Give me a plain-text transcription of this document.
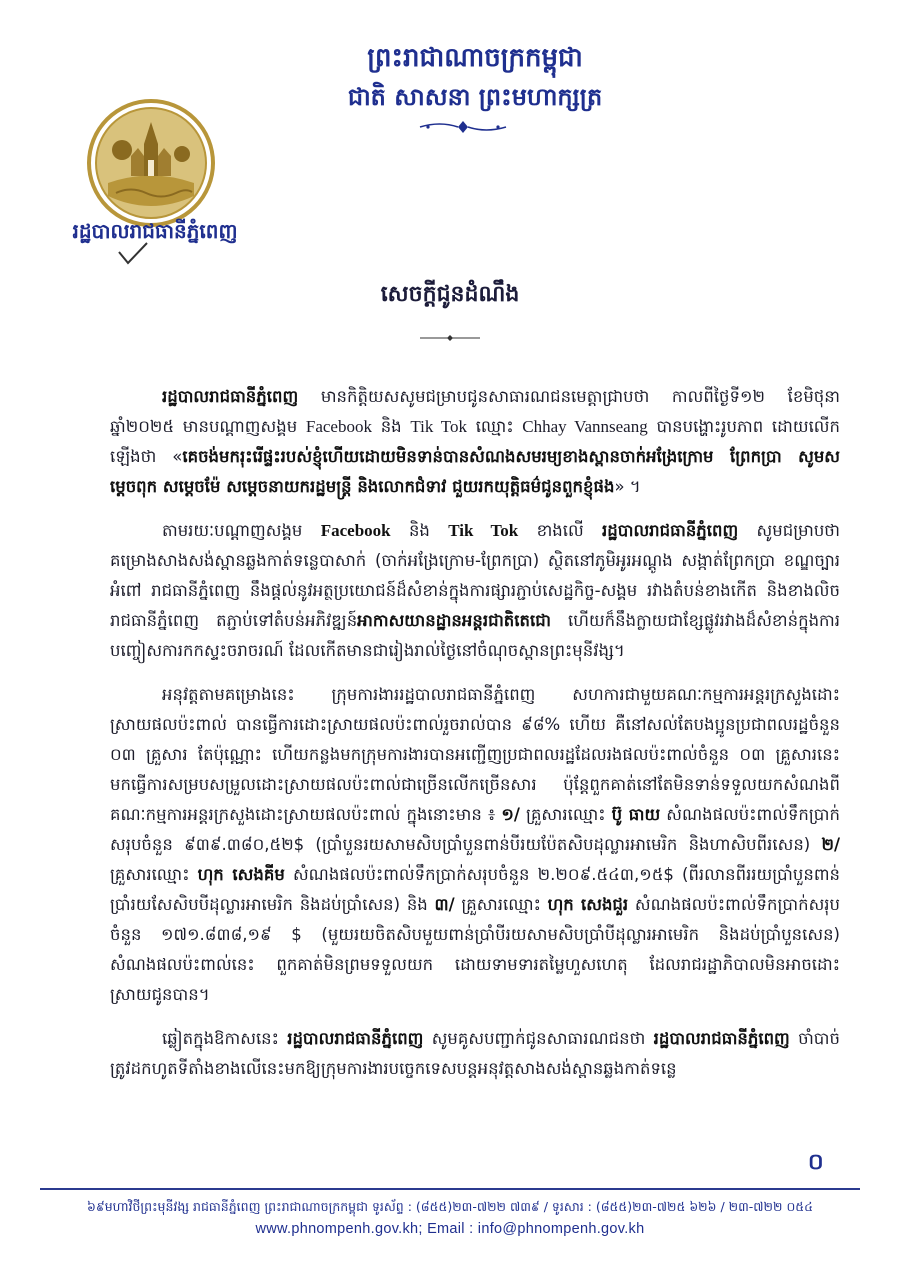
ព្រះរាជាណាចក្រកម្ពុជា
ជាតិ សាសនា ព្រះមហាក្សត្រ
រដ្ឋបាលរាជធានីភ្នំពេញ
សេចក្តីជូនដំណឹង

រដ្ឋបាលរាជធានីភ្នំពេញ មានកិត្តិយសសូមជម្រាបជូនសាធារណជនមេត្តាជ្រាបថា កាលពីថ្ងៃទី១២ ខែមិថុនា ឆ្នាំ២០២៥ មានបណ្តាញសង្គម Facebook និង Tik Tok ឈ្មោះ Chhay Vannseang បានបង្ហោះរូបភាព ដោយលើកឡើងថា «គេចង់មករុះរើផ្ទះរបស់ខ្ញុំហើយដោយមិនទាន់បានសំណងសមរម្យខាងស្ពានចាក់អង្រែក្រោម ព្រែកប្រា សូមសម្តេចពុក សម្តេចម៉ែ សម្តេចនាយករដ្ឋមន្ត្រី និងលោកជំទាវ ជួយរកយុត្តិធម៌ជូនពួកខ្ញុំផង» ។

តាមរយៈបណ្តាញសង្គម Facebook និង Tik Tok ខាងលើ រដ្ឋបាលរាជធានីភ្នំពេញ សូមជម្រាបថា គម្រោងសាងសង់ស្ពានឆ្លងកាត់ទន្លេបាសាក់ (ចាក់អង្រែក្រោម-ព្រែកប្រា) ស្ថិតនៅភូមិអូរអណ្តូង សង្កាត់ព្រែកប្រា ខណ្ឌច្បារអំពៅ រាជធានីភ្នំពេញ នឹងផ្តល់នូវអត្ថប្រយោជន៍ដ៏សំខាន់ក្នុងការផ្សារភ្ជាប់សេដ្ឋកិច្ច-សង្គម រវាងតំបន់ខាងកើត និងខាងលិចរាជធានីភ្នំពេញ តភ្ជាប់ទៅតំបន់អភិវឌ្ឍន៍អាកាសយានដ្ឋានអន្តរជាតិតេជោ ហើយក៏នឹងក្លាយជាខ្សែផ្លូវរវាងដ៏សំខាន់ក្នុងការបញ្ចៀសការកកស្ទះចរាចរណ៍ ដែលកើតមានជារៀងរាល់ថ្ងៃនៅចំណុចស្ពានព្រះមុនីវង្ស។

អនុវត្តតាមគម្រោងនេះ ក្រុមការងាររដ្ឋបាលរាជធានីភ្នំពេញ សហការជាមួយគណៈកម្មការអន្តរក្រសួងដោះស្រាយផលប៉ះពាល់ បានធ្វើការដោះស្រាយផលប៉ះពាល់រួចរាល់បាន ៩៨% ហើយ គឺនៅសល់តែបងប្អូនប្រជាពលរដ្ឋចំនួន ០៣ គ្រួសារ តែប៉ុណ្ណោះ ហើយកន្លងមកក្រុមការងារបានអញ្ជើញប្រជាពលរដ្ឋដែលរងផលប៉ះពាល់ចំនួន ០៣ គ្រួសារនេះ មកធ្វើការសម្របសម្រួលដោះស្រាយផលប៉ះពាល់ជាច្រើនលើកច្រើនសារ ប៉ុន្តែពួកគាត់នៅតែមិនទាន់ទទួលយកសំណងពីគណៈកម្មការអន្តរក្រសួងដោះស្រាយផលប៉ះពាល់ ក្នុងនោះមាន ៖ ១/ គ្រួសារឈ្មោះ ប៊ូ ធាយ សំណងផលប៉ះពាល់ទឹកប្រាក់សរុបចំនួន ៩៣៩.៣៨០,៥២$ (ប្រាំបួនរយសាមសិបប្រាំបួនពាន់បីរយប៉ែតសិបដុល្លារអាមេរិក និងហាសិបពីរសេន) ២/ គ្រួសារឈ្មោះ ហុក សេងគីម សំណងផលប៉ះពាល់ទឹកប្រាក់សរុបចំនួន ២.២០៩.៥៤៣,១៥$ (ពីរលានពីររយប្រាំបួនពាន់ប្រាំរយសែសិបបីដុល្លារអាមេរិក និងដប់ប្រាំសេន) និង ៣/ គ្រួសារឈ្មោះ ហុក សេងជួរ សំណងផលប៉ះពាល់ទឹកប្រាក់សរុបចំនួន ១៧១.៨៣៨,១៩ $ (មួយរយចិតសិបមួយពាន់ប្រាំបីរយសាមសិបប្រាំបីដុល្លារអាមេរិក និងដប់ប្រាំបួនសេន) សំណងផលប៉ះពាល់នេះ ពួកគាត់មិនព្រមទទួលយក ដោយទាមទារតម្លៃហួសហេតុ ដែលរាជរដ្ឋាភិបាលមិនអាចដោះស្រាយជូនបាន។

ឆ្លៀតក្នុងឱកាសនេះ រដ្ឋបាលរាជធានីភ្នំពេញ សូមគូសបញ្ជាក់ជូនសាធារណជនថា រដ្ឋបាលរាជធានីភ្នំពេញ ចាំបាច់ត្រូវដកហូតទីតាំងខាងលើនេះមកឱ្យក្រុមការងារបច្ចេកទេសបន្តអនុវត្តសាងសង់ស្ពានឆ្លងកាត់ទន្លេ

០
៦៩មហាវិថីព្រះមុនីវង្ស រាជធានីភ្នំពេញ ព្រះរាជាណាចក្រកម្ពុជា ទូរស័ព្ទ : (៨៥៥)២៣-៧២២ ៧៣៩ / ទូរសារ : (៨៥៥)២៣-៧២៥ ៦២៦ / ២៣-៧២២ ០៥៤
www.phnompenh.gov.kh; Email : info@phnompenh.gov.kh
